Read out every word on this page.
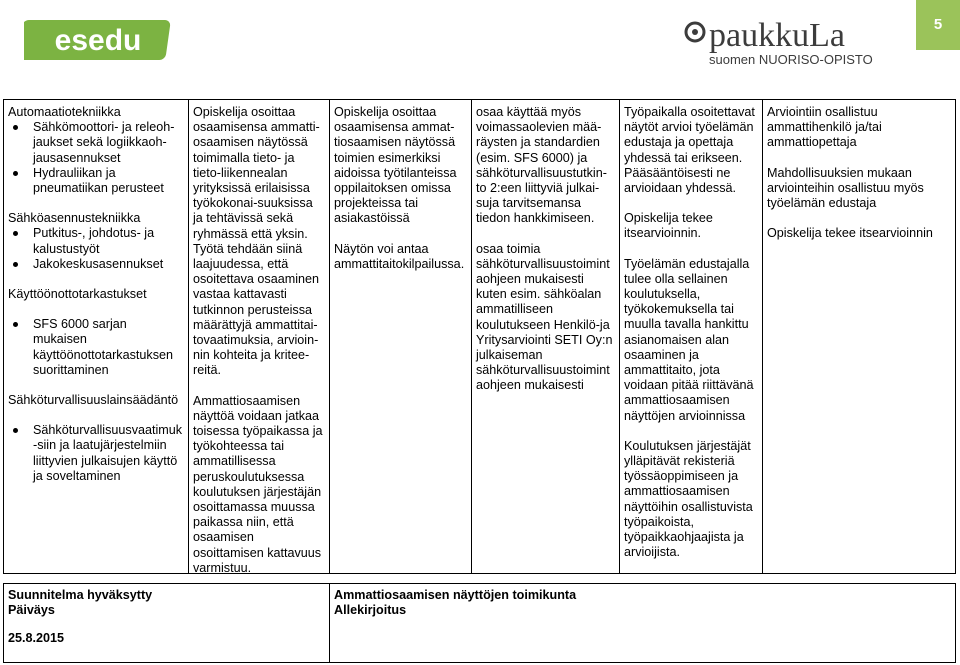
esedu	paukkuLa
suomen NUORISO-OPISTO
5

Automaatiotekniikka

Sähkömoottori- ja releoh-jaukset sekä logiikkaoh-jausasennukset

Hydrauliikan ja pneumatiikan perusteet

Sähköasennustekniikka

Putkitus-, johdotus- ja kalustustyöt

Jakokeskusasennukset

Käyttöönottotarkastukset

SFS 6000 sarjan mukaisen käyttöönottotarkastuksen suorittaminen

Sähköturvallisuuslainsäädäntö

Sähköturvallisuusvaatimuk -siin ja laatujärjestelmiin liittyvien julkaisujen käyttö ja soveltaminen

Opiskelija osoittaa osaamisensa ammatti-osaamisen näytössä toimimalla tieto- ja tieto-liikennealan yrityksissä erilaisissa työkokonai-suuksissa ja tehtävissä sekä ryhmässä että yksin. Työtä tehdään siinä laajuudessa, että osoitettava osaaminen vastaa kattavasti tutkinnon perusteissa määrättyjä ammattitai-tovaatimuksia, arvioin-nin kohteita ja kritee-reitä.

Ammattiosaamisen näyttöä voidaan jatkaa toisessa työpaikassa ja työkohteessa tai ammatillisessa peruskoulutuksessa koulutuksen järjestäjän osoittamassa muussa paikassa niin, että osaamisen osoittamisen kattavuus varmistuu.

Opiskelija osoittaa osaamisensa ammat-tiosaamisen näytössä toimien esimerkiksi aidoissa työtilanteissa oppilaitoksen omissa projekteissa tai asiakastöissä

Näytön voi antaa ammattitaitokilpailussa.

osaa käyttää myös voimassaolevien mää-räysten ja standardien (esim. SFS 6000) ja sähköturvallisuustutkin-to 2:een liittyviä julkai-suja tarvitsemansa tiedon hankkimiseen.

osaa toimia sähköturvallisuustoimint aohjeen mukaisesti kuten esim. sähköalan ammatilliseen koulutukseen Henkilö-ja Yritysarviointi SETI Oy:n julkaiseman sähköturvallisuustoimint aohjeen mukaisesti

Työpaikalla osoitettavat näytöt arvioi työelämän edustaja ja opettaja yhdessä tai erikseen. Pääsääntöisesti ne arvioidaan yhdessä.

Opiskelija tekee itsearvioinnin.

Työelämän edustajalla tulee olla sellainen koulutuksella, työkokemuksella tai muulla tavalla hankittu asianomaisen alan osaaminen ja ammattitaito, jota voidaan pitää riittävänä ammattiosaamisen näyttöjen arvioinnissa

Koulutuksen järjestäjät ylläpitävät rekisteriä työssäoppimiseen ja ammattiosaamisen näyttöihin osallistuvista työpaikoista, työpaikkaohjaajista ja arvioijista.

Arviointiin osallistuu ammattihenkilö ja/tai ammattiopettaja

Mahdollisuuksien mukaan arviointeihin osallistuu myös työelämän edustaja

Opiskelija tekee itsearvioinnin

Suunnitelma hyväksytty
Päiväys
25.8.2015
Ammattiosaamisen näyttöjen toimikunta
Allekirjoitus
